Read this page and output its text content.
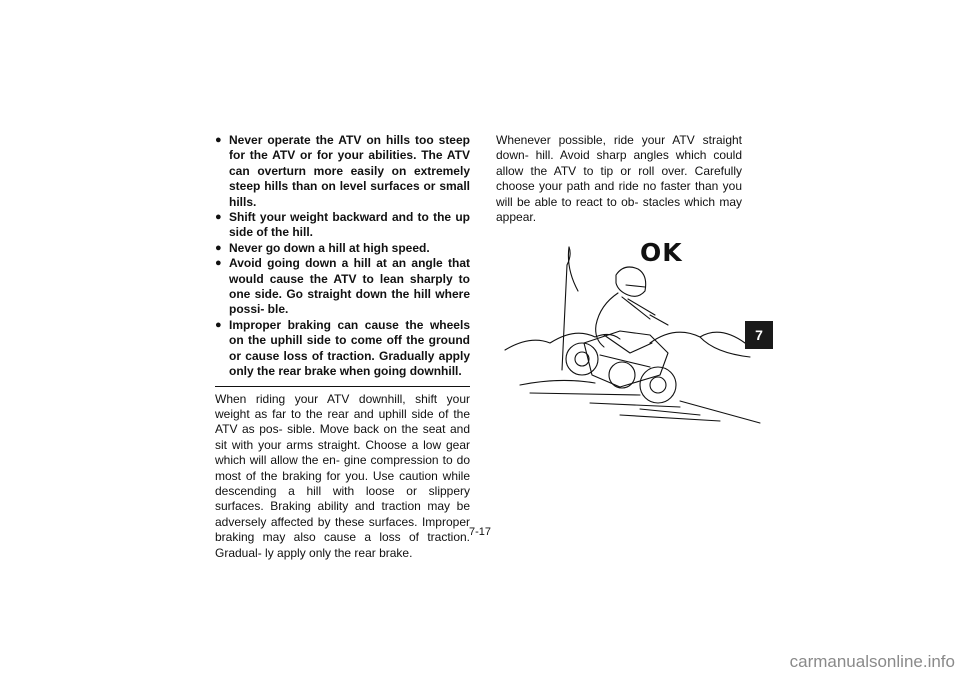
● Never operate the ATV on hills too steep for the ATV or for your abilities. The ATV can overturn more easily on extremely steep hills than on level surfaces or small hills.
● Shift your weight backward and to the up side of the hill.
● Never go down a hill at high speed.
● Avoid going down a hill at an angle that would cause the ATV to lean sharply to one side. Go straight down the hill where possi- ble.
● Improper braking can cause the wheels on the uphill side to come off the ground or cause loss of traction. Gradually apply only the rear brake when going downhill.

When riding your ATV downhill, shift your weight as far to the rear and uphill side of the ATV as pos- sible. Move back on the seat and sit with your arms straight. Choose a low gear which will allow the en- gine compression to do most of the braking for you. Use caution while descending a hill with loose or slippery surfaces. Braking ability and traction may be adversely affected by these surfaces. Improper braking may also cause a loss of traction. Gradual- ly apply only the rear brake.

Whenever possible, ride your ATV straight down- hill. Avoid sharp angles which could allow the ATV to tip or roll over. Carefully choose your path and ride no faster than you will be able to react to ob- stacles which may appear.

OK
7
7-17
carmanualsonline.info
